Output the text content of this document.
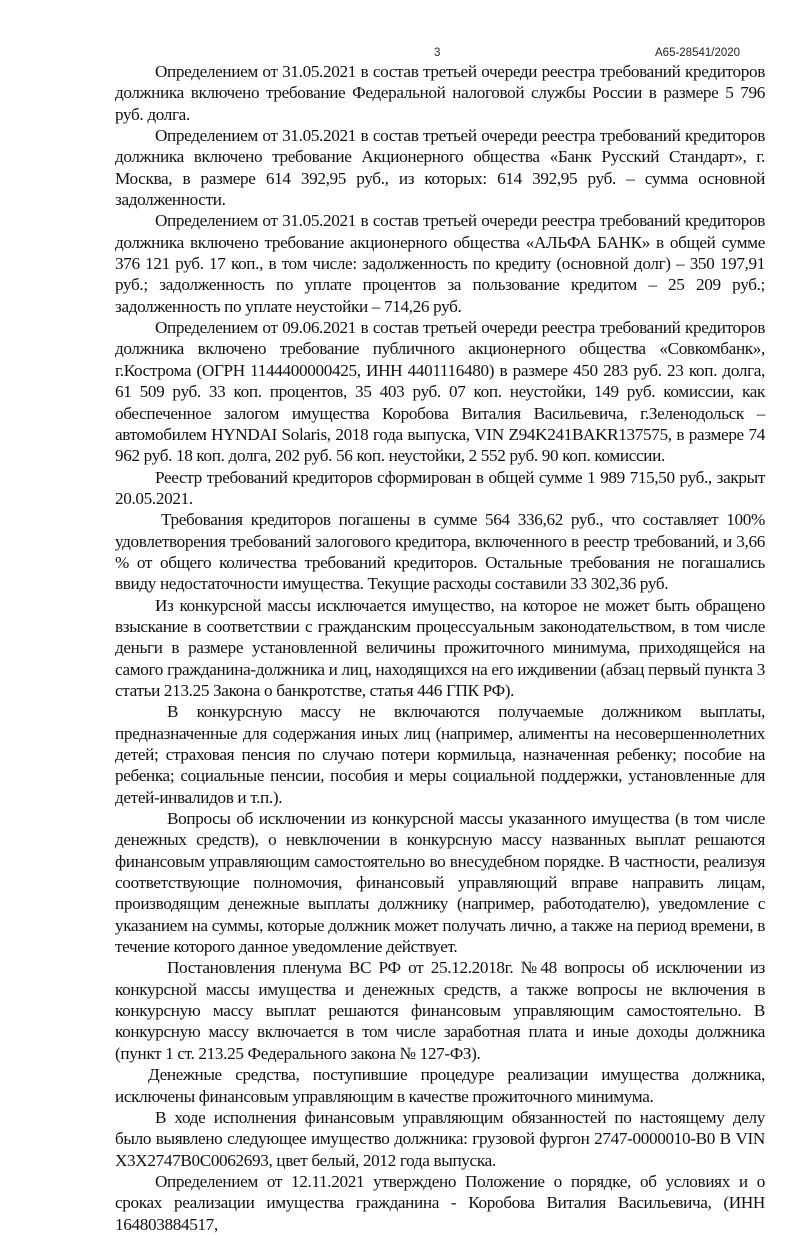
3	А65-28541/2020

Определением от 31.05.2021 в состав третьей очереди реестра требований кредиторов должника включено требование Федеральной налоговой службы России в размере 5 796 руб. долга.

Определением от 31.05.2021 в состав третьей очереди реестра требований кредиторов должника включено требование Акционерного общества «Банк Русский Стандарт», г. Москва, в размере 614 392,95 руб., из которых: 614 392,95 руб. – сумма основной задолженности.

Определением от 31.05.2021 в состав третьей очереди реестра требований кредиторов должника включено требование акционерного общества «АЛЬФА БАНК» в общей сумме 376 121 руб. 17 коп., в том числе: задолженность по кредиту (основной долг) – 350 197,91 руб.; задолженность по уплате процентов за пользование кредитом – 25 209 руб.; задолженность по уплате неустойки – 714,26 руб.

Определением от 09.06.2021 в состав третьей очереди реестра требований кредиторов должника включено требование публичного акционерного общества «Совкомбанк», г.Кострома (ОГРН 1144400000425, ИНН 4401116480) в размере 450 283 руб. 23 коп. долга, 61 509 руб. 33 коп. процентов, 35 403 руб. 07 коп. неустойки, 149 руб. комиссии, как обеспеченное залогом имущества Коробова Виталия Васильевича, г.Зеленодольск – автомобилем HYNDAI Solaris, 2018 года выпуска, VIN Z94K241BAKR137575, в размере 74 962 руб. 18 коп. долга, 202 руб. 56 коп. неустойки, 2 552 руб. 90 коп. комиссии.

Реестр требований кредиторов сформирован в общей сумме 1 989 715,50 руб., закрыт 20.05.2021.

Требования кредиторов погашены в сумме 564 336,62 руб., что составляет 100% удовлетворения требований залогового кредитора, включенного в реестр требований, и 3,66 % от общего количества требований кредиторов. Остальные требования не погашались ввиду недостаточности имущества. Текущие расходы составили 33 302,36 руб.

Из конкурсной массы исключается имущество, на которое не может быть обращено взыскание в соответствии с гражданским процессуальным законодательством, в том числе деньги в размере установленной величины прожиточного минимума, приходящейся на самого гражданина-должника и лиц, находящихся на его иждивении (абзац первый пункта 3 статьи 213.25 Закона о банкротстве, статья 446 ГПК РФ).

В конкурсную массу не включаются получаемые должником выплаты, предназначенные для содержания иных лиц (например, алименты на несовершеннолетних детей; страховая пенсия по случаю потери кормильца, назначенная ребенку; пособие на ребенка; социальные пенсии, пособия и меры социальной поддержки, установленные для детей-инвалидов и т.п.).

Вопросы об исключении из конкурсной массы указанного имущества (в том числе денежных средств), о невключении в конкурсную массу названных выплат решаются финансовым управляющим самостоятельно во внесудебном порядке. В частности, реализуя соответствующие полномочия, финансовый управляющий вправе направить лицам, производящим денежные выплаты должнику (например, работодателю), уведомление с указанием на суммы, которые должник может получать лично, а также на период времени, в течение которого данное уведомление действует.

Постановления пленума ВС РФ от 25.12.2018г. №48 вопросы об исключении из конкурсной массы имущества и денежных средств, а также вопросы не включения в конкурсную массу выплат решаются финансовым управляющим самостоятельно. В конкурсную массу включается в том числе заработная плата и иные доходы должника (пункт 1 ст. 213.25 Федерального закона № 127-ФЗ).

Денежные средства, поступившие процедуре реализации имущества должника, исключены финансовым управляющим в качестве прожиточного минимума.

В ходе исполнения финансовым управляющим обязанностей по настоящему делу было выявлено следующее имущество должника: грузовой фургон 2747-0000010-В0 В VIN Х3Х2747В0С0062693, цвет белый, 2012 года выпуска.

Определением от 12.11.2021 утверждено Положение о порядке, об условиях и о сроках реализации имущества гражданина - Коробова Виталия Васильевича, (ИНН 164803884517,
